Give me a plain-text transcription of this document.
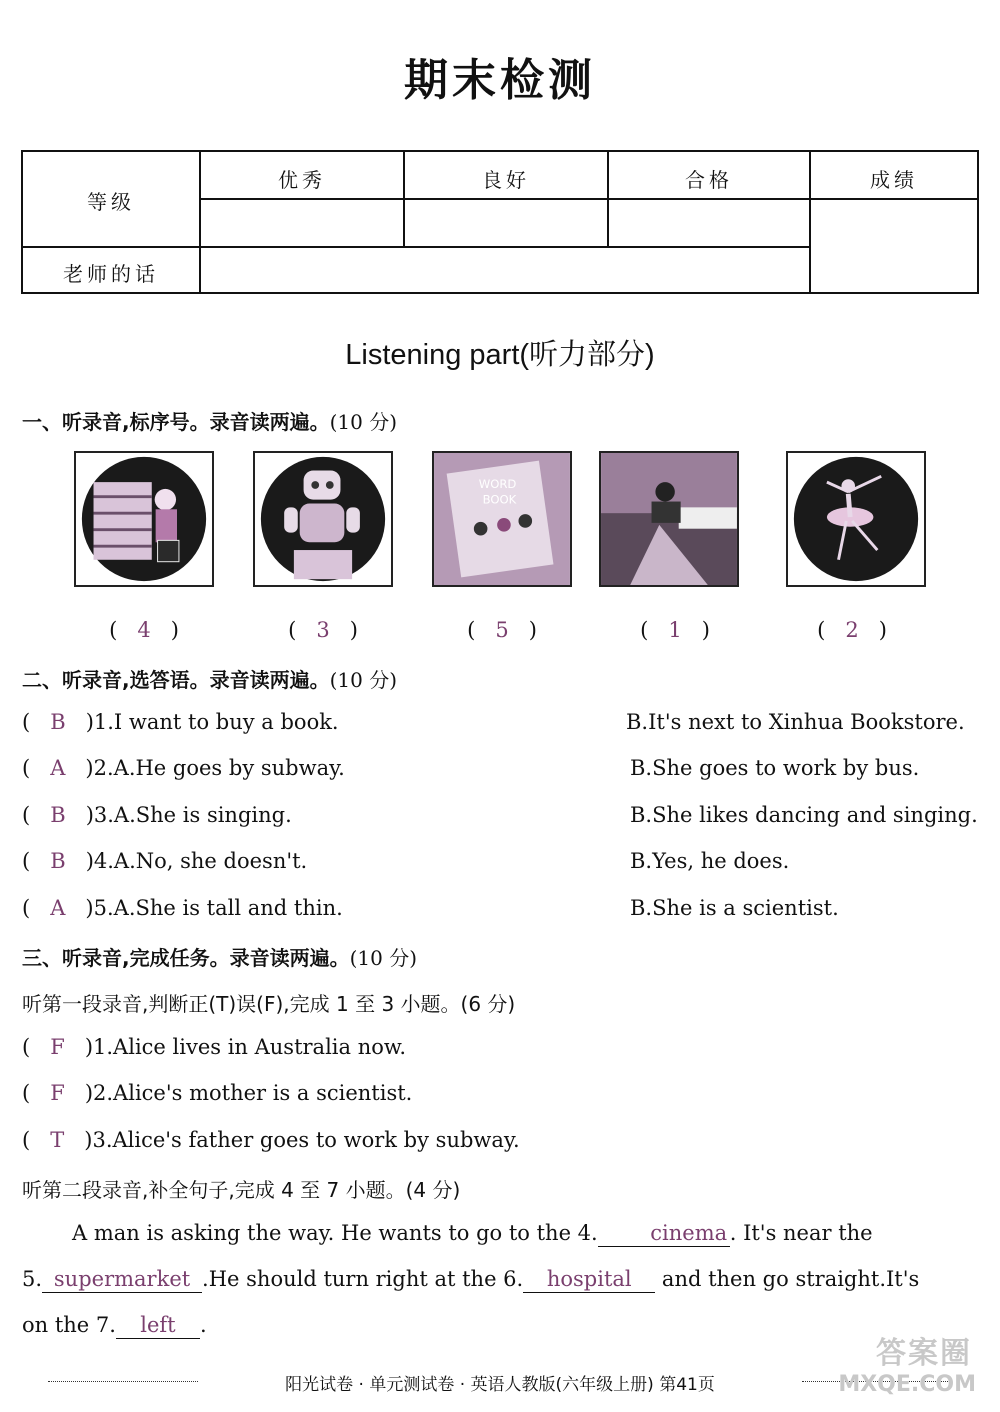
期末检测
等级
优秀	良好	合格	成绩
老师的话
Listening part(听力部分)
一、听录音,标序号。录音读两遍。(10 分)
WORD
BOOK
(   4   )	(   3   )	(   5   )	(   1   )	(   2   )
二、听录音,选答语。录音读两遍。(10 分)
(   B )1.I want to buy a book.	B.It's next to Xinhua Bookstore.
(   A )2.A.He goes by subway.	B.She goes to work by bus.
(   B )3.A.She is singing.	B.She likes dancing and singing.
(   B )4.A.No, she doesn't.	B.Yes, he does.
(   A )5.A.She is tall and thin.	B.She is a scientist.
三、听录音,完成任务。录音读两遍。(10 分)
听第一段录音,判断正(T)误(F),完成 1 至 3 小题。(6 分)
(   F )1.Alice lives in Australia now.
(   F )2.Alice's mother is a scientist.
(   T )3.Alice's father goes to work by subway.
听第二段录音,补全句子,完成 4 至 7 小题。(4 分)
A man is asking the way. He wants to go to the 4.	cinema . It's near the
5. supermarket .He should turn right at the 6. hospital and then go straight.It's
on the 7. left .
阳光试卷 · 单元测试卷 · 英语人教版(六年级上册) 第41页
答案圈
MXQE.COM
